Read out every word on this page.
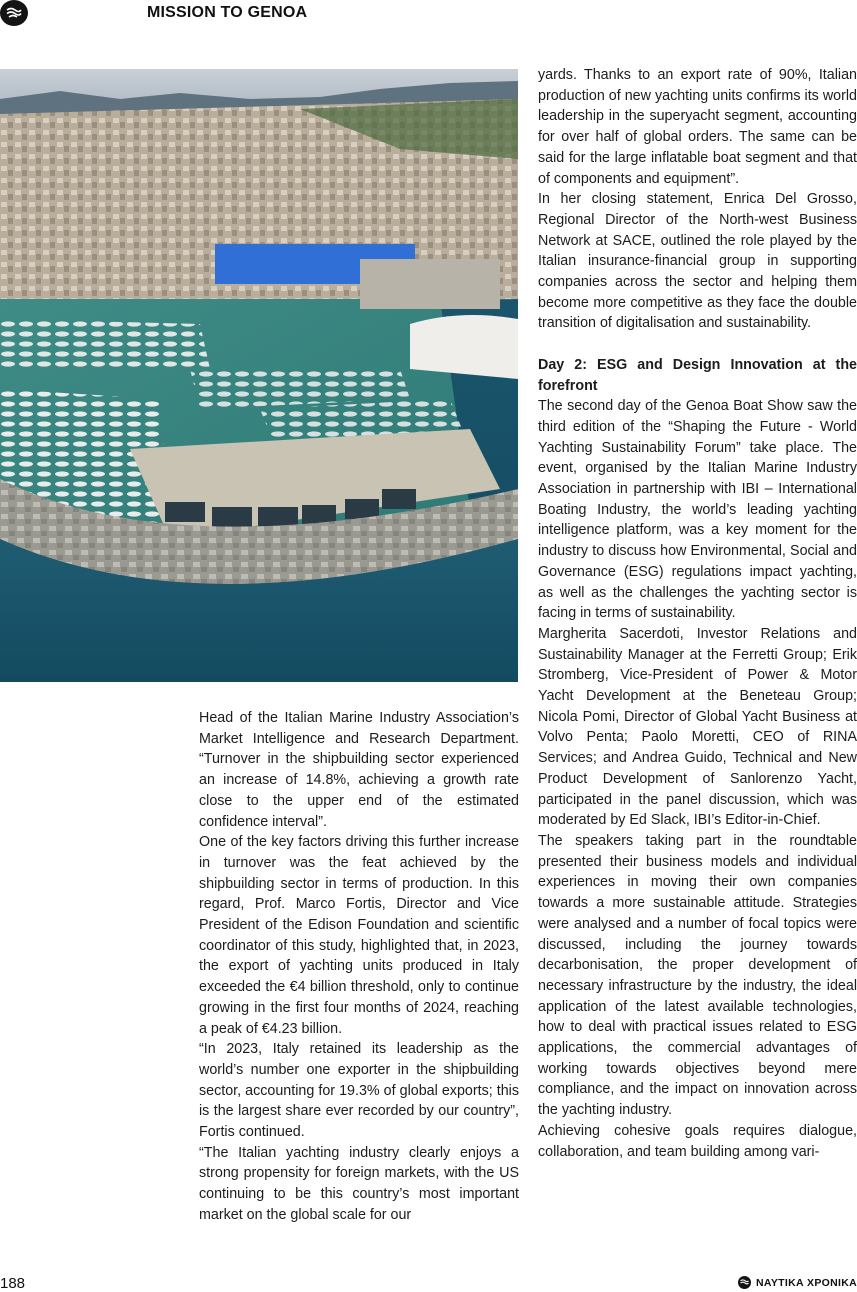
MISSION TO GENOA

Head of the Italian Marine Industry Association’s Market Intelligence and Research Department. “Turnover in the shipbuilding sector experienced an increase of 14.8%, achieving a growth rate close to the upper end of the estimated confidence interval”.

One of the key factors driving this further increase in turnover was the feat achieved by the shipbuilding sector in terms of production. In this regard, Prof. Marco Fortis, Director and Vice President of the Edison Foundation and scientific coordinator of this study, highlighted that, in 2023, the export of yachting units produced in Italy exceeded the €4 billion threshold, only to continue growing in the first four months of 2024, reaching a peak of €4.23 billion.

“In 2023, Italy retained its leadership as the world’s number one exporter in the shipbuilding sector, accounting for 19.3% of global exports; this is the largest share ever recorded by our country”, Fortis continued.

“The Italian yachting industry clearly enjoys a strong propensity for foreign markets, with the US continuing to be this country’s most important market on the global scale for our

yards. Thanks to an export rate of 90%, Italian production of new yachting units confirms its world leadership in the superyacht segment, accounting for over half of global orders. The same can be said for the large inflatable boat segment and that of components and equipment”.

In her closing statement, Enrica Del Grosso, Regional Director of the North-west Business Network at SACE, outlined the role played by the Italian insurance-financial group in supporting companies across the sector and helping them become more competitive as they face the double transition of digitalisation and sustainability.

Day 2: ESG and Design Innovation at the forefront

The second day of the Genoa Boat Show saw the third edition of the “Shaping the Future - World Yachting Sustainability Forum” take place. The event, organised by the Italian Marine Industry Association in partnership with IBI – International Boating Industry, the world’s leading yachting intelligence platform, was a key moment for the industry to discuss how Environmental, Social and Governance (ESG) regulations impact yachting, as well as the challenges the yachting sector is facing in terms of sustainability.

Margherita Sacerdoti, Investor Relations and Sustainability Manager at the Ferretti Group; Erik Stromberg, Vice-President of Power & Motor Yacht Development at the Beneteau Group; Nicola Pomi, Director of Global Yacht Business at Volvo Penta; Paolo Moretti, CEO of RINA Services; and Andrea Guido, Technical and New Product Development of Sanlorenzo Yacht, participated in the panel discussion, which was moderated by Ed Slack, IBI’s Editor-in-Chief.

The speakers taking part in the roundtable presented their business models and individual experiences in moving their own companies towards a more sustainable attitude. Strategies were analysed and a number of focal topics were discussed, including the journey towards decarbonisation, the proper development of necessary infrastructure by the industry, the ideal application of the latest available technologies, how to deal with practical issues related to ESG applications, the commercial advantages of working towards objectives beyond mere compliance, and the impact on innovation across the yachting industry.

Achieving cohesive goals requires dialogue, collaboration, and team building among vari-

188	ΝΑΥΤΙΚΑ ΧΡΟΝΙΚΑ
